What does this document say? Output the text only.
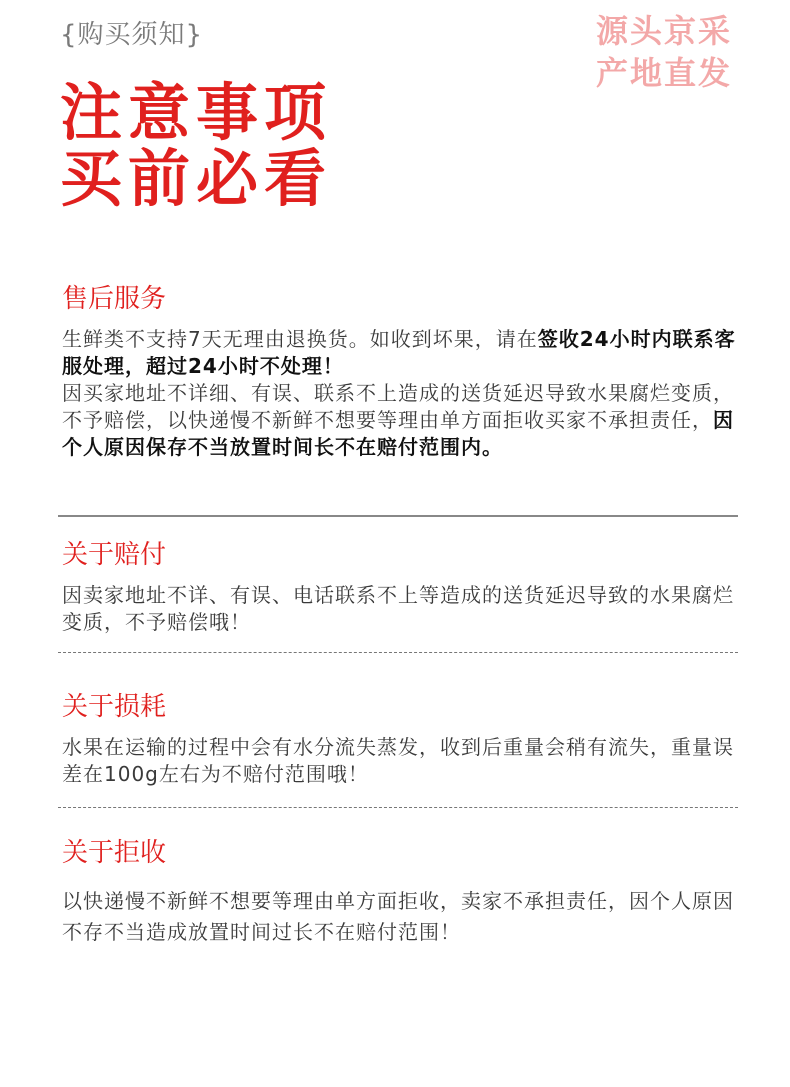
{购买须知}	源头京采
产地直发
注意事项
买前必看
售后服务
生鲜类不支持7天无理由退换货。如收到坏果，请在签收24小时内联系客服处理，超过24小时不处理！
因买家地址不详细、有误、联系不上造成的送货延迟导致水果腐烂变质，不予赔偿，以快递慢不新鲜不想要等理由单方面拒收买家不承担责任，因个人原因保存不当放置时间长不在赔付范围内。
关于赔付
因卖家地址不详、有误、电话联系不上等造成的送货延迟导致的水果腐烂变质，不予赔偿哦！
关于损耗
水果在运输的过程中会有水分流失蒸发，收到后重量会稍有流失，重量误差在100g左右为不赔付范围哦！
关于拒收
以快递慢不新鲜不想要等理由单方面拒收，卖家不承担责任，因个人原因不存不当造成放置时间过长不在赔付范围！
